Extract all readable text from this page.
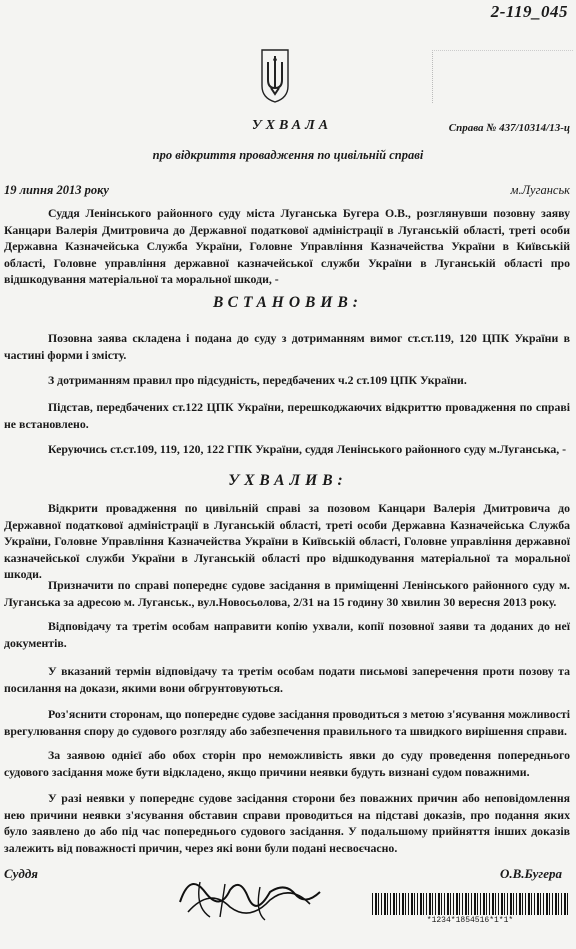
2-119_045
УХВАЛА	Справа № 437/10314/13-ц
про відкриття провадження по цивільній справі
19 липня 2013 року	м.Луганськ
Суддя Ленінського районного суду міста Луганська Бугера О.В., розглянувши позовну заяву Канцари Валерія Дмитровича до Державної податкової адміністрації в Луганській області, треті особи Державна Казначейська Служба України, Головне Управління Казначейства України в Київській області, Головне управління державної казначейської служби України в Луганській області про відшкодування матеріальної та моральної шкоди, -
ВСТАНОВИВ:
Позовна заява складена і подана до суду з дотриманням вимог ст.ст.119, 120 ЦПК України в частині форми і змісту.
З дотриманням правил про підсудність, передбачених ч.2 ст.109 ЦПК України.
Підстав, передбачених ст.122 ЦПК України, перешкоджаючих відкриттю провадження по справі не встановлено.
Керуючись ст.ст.109, 119, 120, 122 ГПК України, суддя Ленінського районного суду м.Луганська, -
УХВАЛИВ:
Відкрити провадження по цивільній справі за позовом Канцари Валерія Дмитровича до Державної податкової адміністрації в Луганській області, треті особи Державна Казначейська Служба України, Головне Управління Казначейства України в Київській області, Головне управління державної казначейської служби України в Луганській області про відшкодування матеріальної та моральної шкоди.
Призначити по справі попереднє судове засідання в приміщенні Ленінського районного суду м. Луганська за адресою м. Луганськ., вул.Новосьолова, 2/31 на 15 годину 30 хвилин 30 вересня 2013 року.
Відповідачу та третім особам направити копію ухвали, копії позовної заяви та доданих до неї документів.
У вказаний термін відповідачу та третім особам подати письмові заперечення проти позову та посилання на докази, якими вони обгрунтовуються.
Роз'яснити сторонам, що попереднє судове засідання проводиться з метою з'ясування можливості врегулювання спору до судового розгляду або забезпечення правильного та швидкого вирішення справи.
За заявою однієї або обох сторін про неможливість явки до суду проведення попереднього судового засідання може бути відкладено, якщо причини неявки будуть визнані судом поважними.
У разі неявки у попереднє судове засідання сторони без поважних причин або неповідомлення нею причини неявки з'ясування обставин справи проводиться на підставі доказів, про подання яких було заявлено до або під час попереднього судового засідання. У подальшому прийняття інших доказів залежить від поважності причин, через які вони були подані несвоєчасно.
Суддя	О.В.Бугера
*1234*1854516*1*1*
